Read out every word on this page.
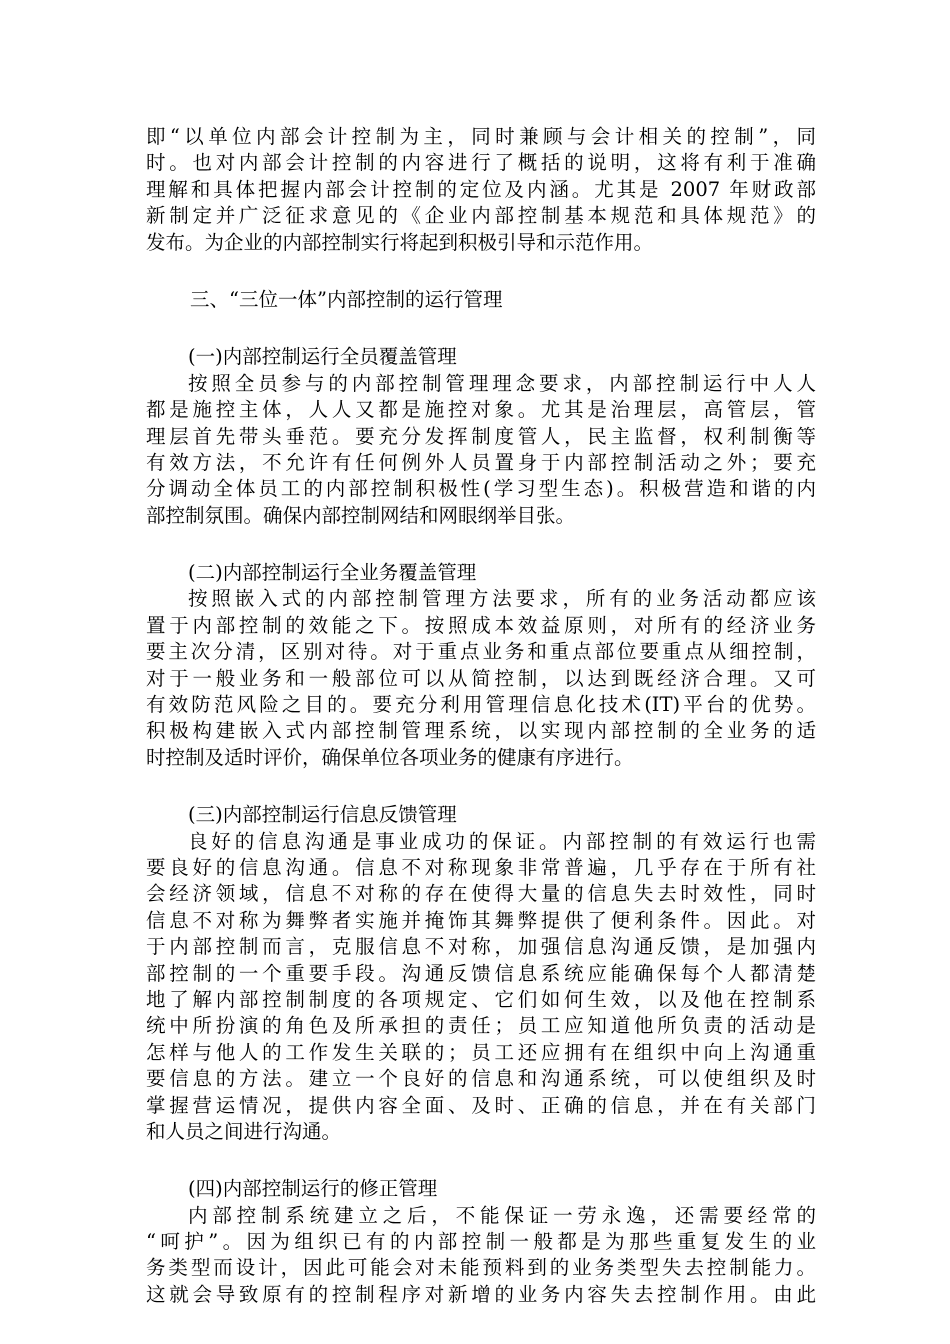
即“以单位内部会计控制为主，同时兼顾与会计相关的控制”，同
时。也对内部会计控制的内容进行了概括的说明，这将有利于准确
理解和具体把握内部会计控制的定位及内涵。尤其是 2007 年财政部
新制定并广泛征求意见的《企业内部控制基本规范和具体规范》的
发布。为企业的内部控制实行将起到积极引导和示范作用。
三、“三位一体”内部控制的运行管理
(一)内部控制运行全员覆盖管理
按照全员参与的内部控制管理理念要求，内部控制运行中人人
都是施控主体，人人又都是施控对象。尤其是治理层，高管层，管
理层首先带头垂范。要充分发挥制度管人，民主监督，权利制衡等
有效方法，不允许有任何例外人员置身于内部控制活动之外；要充
分调动全体员工的内部控制积极性(学习型生态)。积极营造和谐的内
部控制氛围。确保内部控制网结和网眼纲举目张。
(二)内部控制运行全业务覆盖管理
按照嵌入式的内部控制管理方法要求，所有的业务活动都应该
置于内部控制的效能之下。按照成本效益原则，对所有的经济业务
要主次分清，区别对待。对于重点业务和重点部位要重点从细控制，
对于一般业务和一般部位可以从简控制，以达到既经济合理。又可
有效防范风险之目的。要充分利用管理信息化技术(IT)平台的优势。
积极构建嵌入式内部控制管理系统，以实现内部控制的全业务的适
时控制及适时评价，确保单位各项业务的健康有序进行。
(三)内部控制运行信息反馈管理
良好的信息沟通是事业成功的保证。内部控制的有效运行也需
要良好的信息沟通。信息不对称现象非常普遍，几乎存在于所有社
会经济领域，信息不对称的存在使得大量的信息失去时效性，同时
信息不对称为舞弊者实施并掩饰其舞弊提供了便利条件。因此。对
于内部控制而言，克服信息不对称，加强信息沟通反馈，是加强内
部控制的一个重要手段。沟通反馈信息系统应能确保每个人都清楚
地了解内部控制制度的各项规定、它们如何生效，以及他在控制系
统中所扮演的角色及所承担的责任；员工应知道他所负责的活动是
怎样与他人的工作发生关联的；员工还应拥有在组织中向上沟通重
要信息的方法。建立一个良好的信息和沟通系统，可以使组织及时
掌握营运情况，提供内容全面、及时、正确的信息，并在有关部门
和人员之间进行沟通。
(四)内部控制运行的修正管理
内部控制系统建立之后，不能保证一劳永逸，还需要经常的
“呵护”。因为组织已有的内部控制一般都是为那些重复发生的业
务类型而设计，因此可能会对未能预料到的业务类型失去控制能力。
这就会导致原有的控制程序对新增的业务内容失去控制作用。由此
